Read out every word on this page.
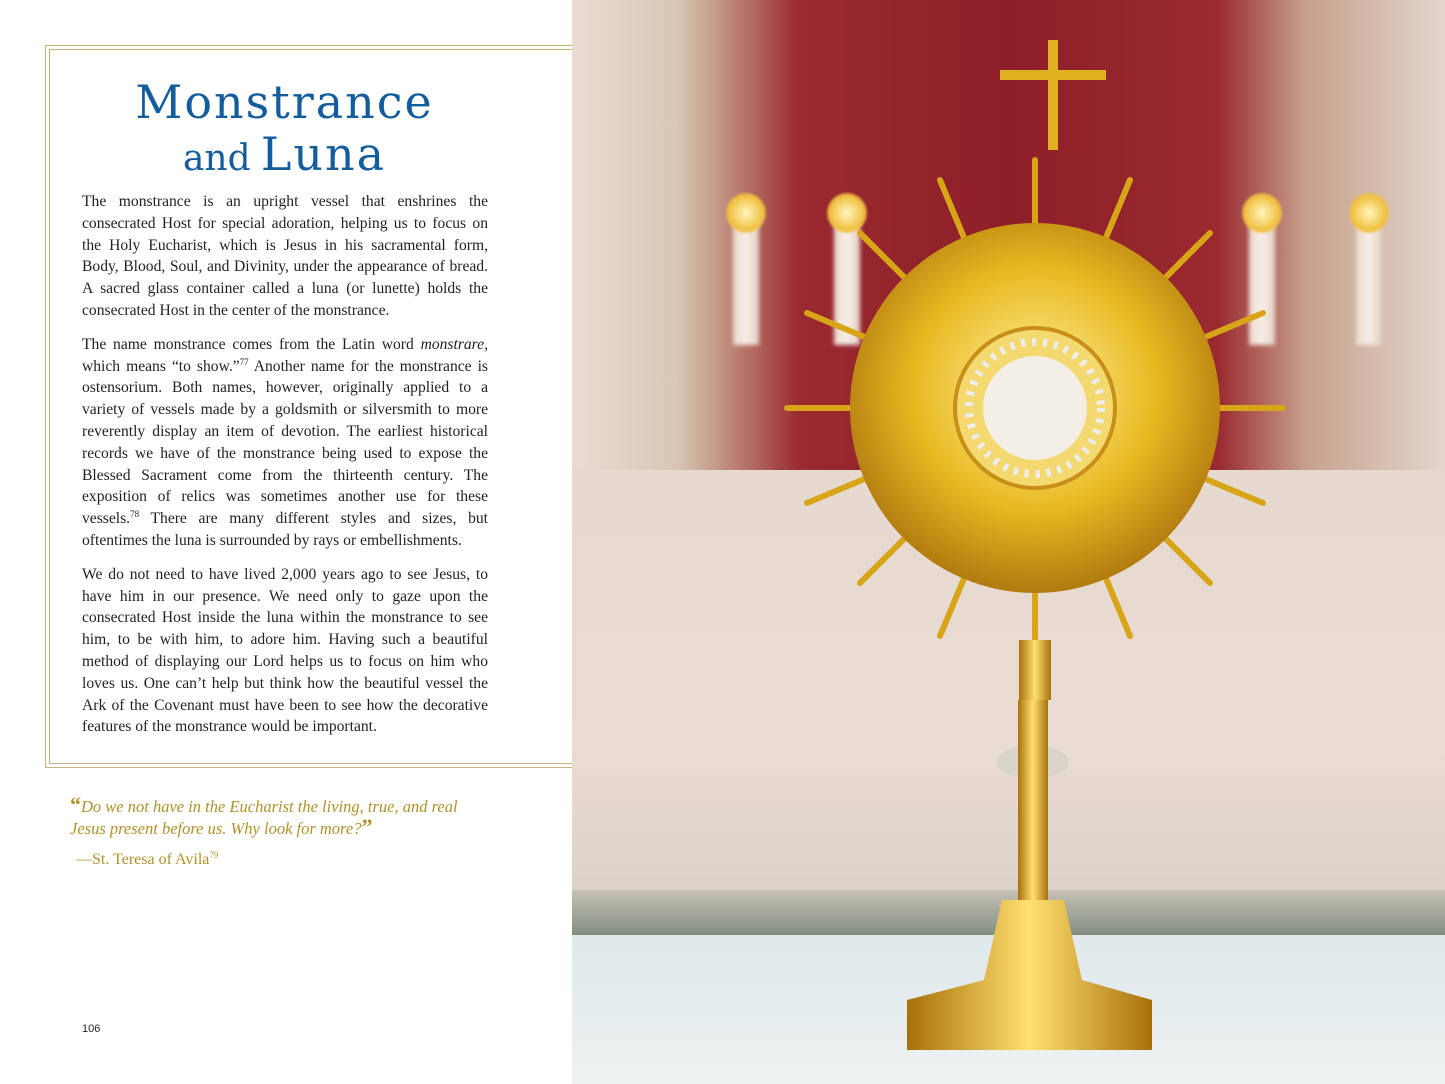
Monstrance
and Luna

The monstrance is an upright vessel that enshrines the consecrated Host for special adoration, helping us to focus on the Holy Eucharist, which is Jesus in his sacramental form, Body, Blood, Soul, and Divinity, under the appearance of bread. A sacred glass container called a luna (or lunette) holds the consecrated Host in the center of the monstrance.

The name monstrance comes from the Latin word monstrare, which means “to show.”$^{77}$ Another name for the monstrance is ostensorium. Both names, however, originally applied to a variety of vessels made by a goldsmith or silversmith to more reverently display an item of devotion. The earliest historical records we have of the monstrance being used to expose the Blessed Sacrament come from the thirteenth century. The exposition of relics was sometimes another use for these vessels.$^{78}$ There are many different styles and sizes, but oftentimes the luna is surrounded by rays or embellishments.

We do not need to have lived 2,000 years ago to see Jesus, to have him in our presence. We need only to gaze upon the consecrated Host inside the luna within the monstrance to see him, to be with him, to adore him. Having such a beautiful method of displaying our Lord helps us to focus on him who loves us. One can’t help but think how the beautiful vessel the Ark of the Covenant must have been to see how the decorative features of the monstrance would be important.

“Do we not have in the Eucharist the living, true, and real Jesus present before us. Why look for more?”
—St. Teresa of Avila$^{79}$
106
